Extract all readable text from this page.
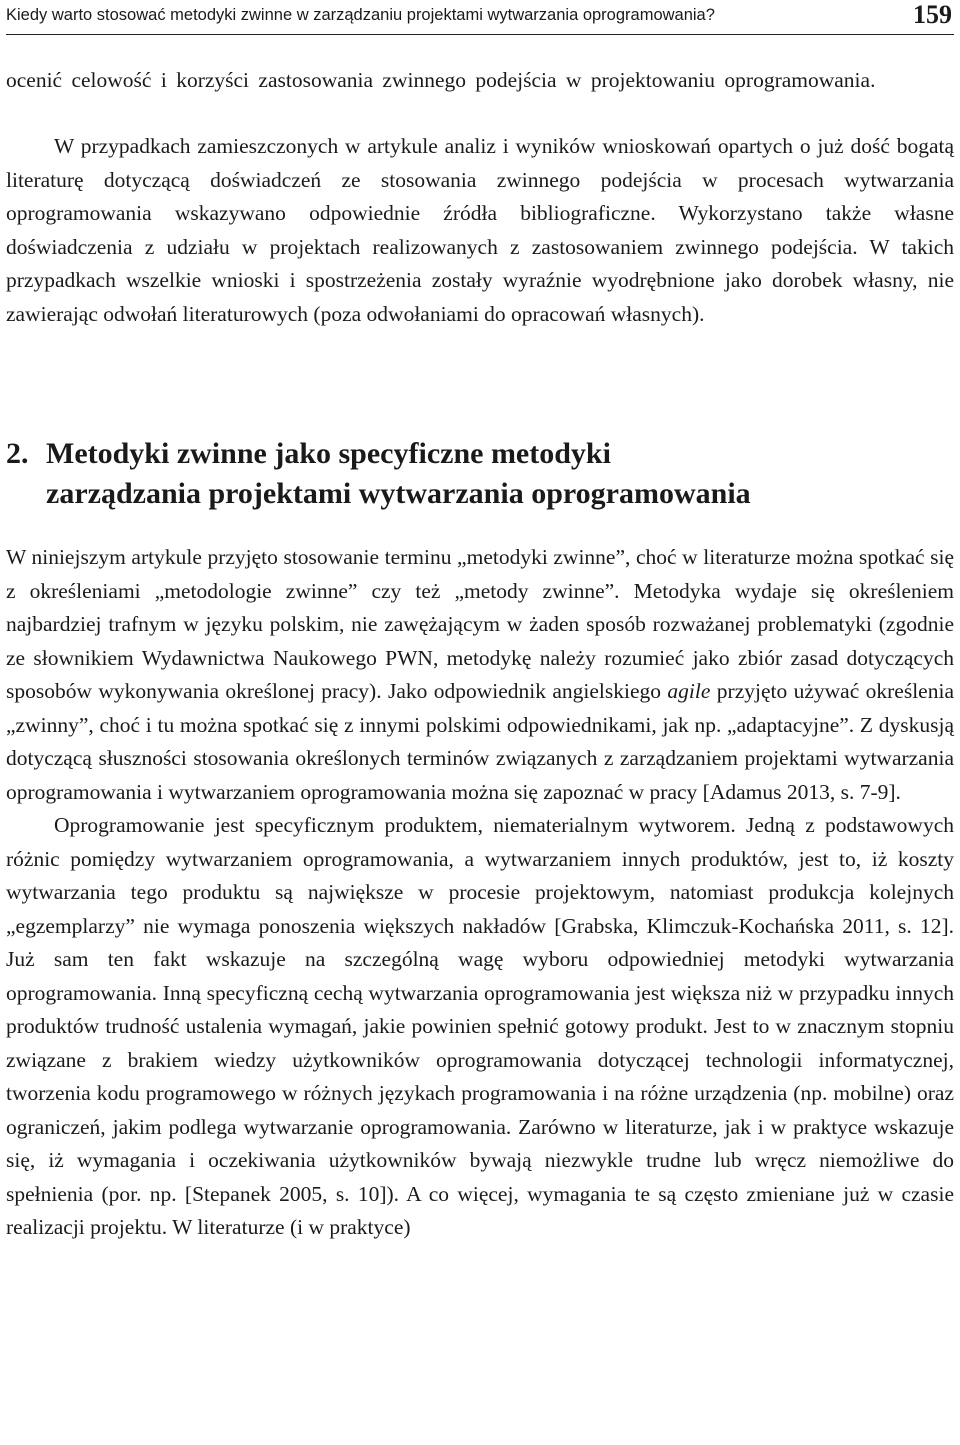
Kiedy warto stosować metodyki zwinne w zarządzaniu projektami wytwarzania oprogramowania?	159

ocenić celowość i korzyści zastosowania zwinnego podejścia w projektowaniu oprogramowania.

W przypadkach zamieszczonych w artykule analiz i wyników wnioskowań opartych o już dość bogatą literaturę dotyczącą doświadczeń ze stosowania zwinnego podejścia w procesach wytwarzania oprogramowania wskazywano odpowiednie źródła bibliograficzne. Wykorzystano także własne doświadczenia z udziału w projektach realizowanych z zastosowaniem zwinnego podejścia. W takich przypadkach wszelkie wnioski i spostrzeżenia zostały wyraźnie wyodrębnione jako dorobek własny, nie zawierając odwołań literaturowych (poza odwołaniami do opracowań własnych).

2. Metodyki zwinne jako specyficzne metodyki
zarządzania projektami wytwarzania oprogramowania

W niniejszym artykule przyjęto stosowanie terminu „metodyki zwinne”, choć w literaturze można spotkać się z określeniami „metodologie zwinne” czy też „metody zwinne”. Metodyka wydaje się określeniem najbardziej trafnym w języku polskim, nie zawężającym w żaden sposób rozważanej problematyki (zgodnie ze słownikiem Wydawnictwa Naukowego PWN, metodykę należy rozumieć jako zbiór zasad dotyczących sposobów wykonywania określonej pracy). Jako odpowiednik angielskiego agile przyjęto używać określenia „zwinny”, choć i tu można spotkać się z innymi polskimi odpowiednikami, jak np. „adaptacyjne”. Z dyskusją dotyczącą słuszności stosowania określonych terminów związanych z zarządzaniem projektami wytwarzania oprogramowania i wytwarzaniem oprogramowania można się zapoznać w pracy [Adamus 2013, s. 7-9].

Oprogramowanie jest specyficznym produktem, niematerialnym wytworem. Jedną z podstawowych różnic pomiędzy wytwarzaniem oprogramowania, a wytwarzaniem innych produktów, jest to, iż koszty wytwarzania tego produktu są największe w procesie projektowym, natomiast produkcja kolejnych „egzemplarzy” nie wymaga ponoszenia większych nakładów [Grabska, Klimczuk-Kochańska 2011, s. 12]. Już sam ten fakt wskazuje na szczególną wagę wyboru odpowiedniej metodyki wytwarzania oprogramowania. Inną specyficzną cechą wytwarzania oprogramowania jest większa niż w przypadku innych produktów trudność ustalenia wymagań, jakie powinien spełnić gotowy produkt. Jest to w znacznym stopniu związane z brakiem wiedzy użytkowników oprogramowania dotyczącej technologii informatycznej, tworzenia kodu programowego w różnych językach programowania i na różne urządzenia (np. mobilne) oraz ograniczeń, jakim podlega wytwarzanie oprogramowania. Zarówno w literaturze, jak i w praktyce wskazuje się, iż wymagania i oczekiwania użytkowników bywają niezwykle trudne lub wręcz niemożliwe do spełnienia (por. np. [Stepanek 2005, s. 10]). A co więcej, wymagania te są często zmieniane już w czasie realizacji projektu. W literaturze (i w praktyce)
